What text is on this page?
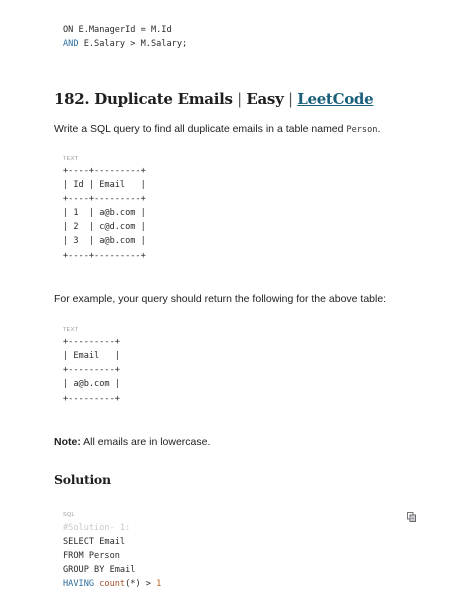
ON E.ManagerId = M.Id
AND E.Salary > M.Salary;
182. Duplicate Emails | Easy | LeetCode
Write a SQL query to find all duplicate emails in a table named Person.
TEXT
+----+---------+
| Id | Email   |
+----+---------+
| 1  | a@b.com |
| 2  | c@d.com |
| 3  | a@b.com |
+----+---------+
For example, your query should return the following for the above table:
TEXT
+---------+
| Email   |
+---------+
| a@b.com |
+---------+
Note: All emails are in lowercase.
Solution
SQL
#Solution- 1:
SELECT Email
FROM Person
GROUP BY Email
HAVING count(*) > 1
